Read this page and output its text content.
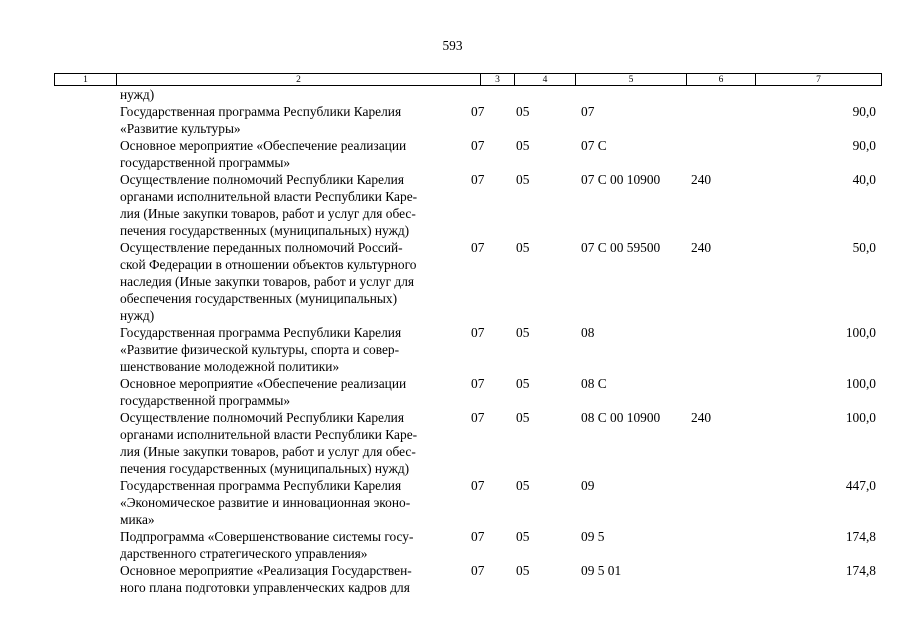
593
1	2	3	4	5	6	7
нужд)
Государственная программа Республики Карелия
«Развитие культуры»
07 05	07	90,0
Основное мероприятие «Обеспечение реализации
государственной программы»
07 05	07 С	90,0
Осуществление полномочий Республики Карелия
органами исполнительной власти Республики Каре-
лия (Иные закупки товаров, работ и услуг для обес-
печения государственных (муниципальных) нужд)
07 05	07 С 00 10900 240	40,0
Осуществление переданных полномочий Россий-
ской Федерации в отношении объектов культурного
наследия (Иные закупки товаров, работ и услуг для
обеспечения государственных (муниципальных)
нужд)
07 05	07 С 00 59500 240	50,0
Государственная программа Республики Карелия
«Развитие физической культуры, спорта и совер-
шенствование молодежной политики»
07 05	08	100,0
Основное мероприятие «Обеспечение реализации
государственной программы»
07 05	08 С	100,0
Осуществление полномочий Республики Карелия
органами исполнительной власти Республики Каре-
лия (Иные закупки товаров, работ и услуг для обес-
печения государственных (муниципальных) нужд)
07 05	08 С 00 10900 240	100,0
Государственная программа Республики Карелия
«Экономическое развитие и инновационная эконо-
мика»
07 05	09	447,0
Подпрограмма «Совершенствование системы госу-
дарственного стратегического управления»
07 05	09 5	174,8
Основное мероприятие «Реализация Государствен-
ного плана подготовки управленческих кадров для
07 05	09 5 01	174,8
